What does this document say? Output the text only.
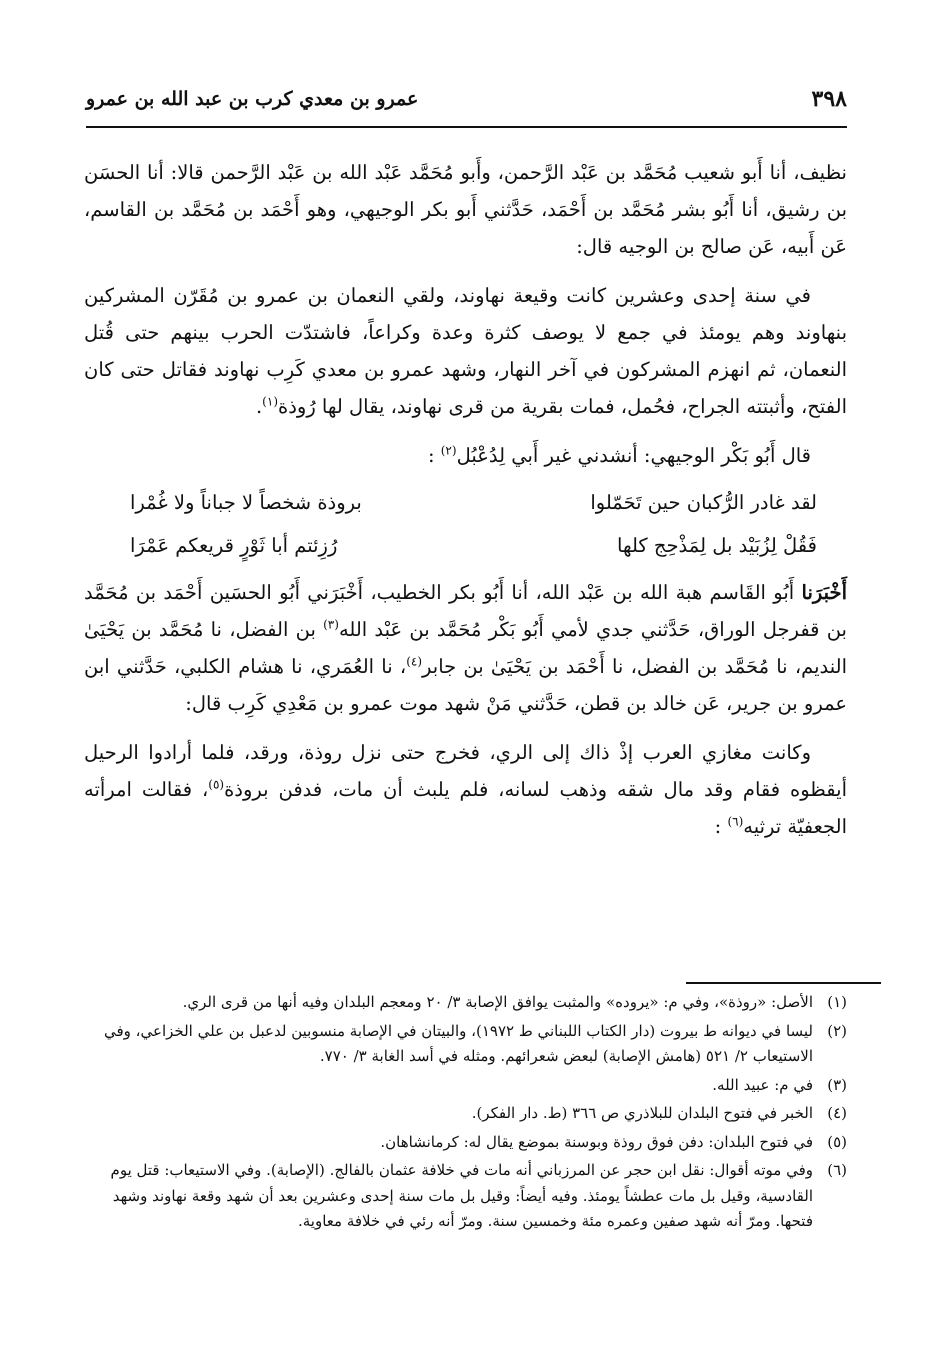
٣٩٨
عمرو بن معدي كرب بن عبد الله بن عمرو

نظيف، أنا أَبو شعيب مُحَمَّد بن عَبْد الرَّحمن، وأَبو مُحَمَّد عَبْد الله بن عَبْد الرَّحمن قالا: أنا الحسَن بن رشيق، أنا أَبُو بشر مُحَمَّد بن أَحْمَد، حَدَّثني أَبو بكر الوجيهي، وهو أَحْمَد بن مُحَمَّد بن القاسم، عَن أَبيه، عَن صالح بن الوجيه قال:

في سنة إحدى وعشرين كانت وقيعة نهاوند، ولقي النعمان بن عمرو بن مُقَرّن المشركين بنهاوند وهم يومئذ في جمع لا يوصف كثرة وعدة وكراعاً، فاشتدّت الحرب بينهم حتى قُتل النعمان، ثم انهزم المشركون في آخر النهار، وشهد عمرو بن معدي كَرِب نهاوند فقاتل حتى كان الفتح، وأثبتته الجراح، فحُمل، فمات بقرية من قرى نهاوند، يقال لها رُوذة$^{(١)}$.

قال أَبُو بَكْر الوجيهي: أنشدني غير أَبي لِدُعْبُل$^{(٢)}$ :

لقد غادر الرُّكبان حين تَحَمّلوا
بروذة شخصاً لا جباناً ولا غُمْرا
فَقُلْ لِزُبَيْد بل لِمَذْحِج كلها
رُزِئتم أبا ثَوْرٍ قريعكم عَمْرَا

أَخْبَرَنا أَبُو القَاسم هبة الله بن عَبْد الله، أنا أَبُو بكر الخطيب، أَخْبَرَني أَبُو الحسَين أَحْمَد بن مُحَمَّد بن قفرجل الوراق، حَدَّثني جدي لأمي أَبُو بَكْر مُحَمَّد بن عَبْد الله$^{(٣)}$ بن الفضل، نا مُحَمَّد بن يَحْيَىٰ النديم، نا مُحَمَّد بن الفضل، نا أَحْمَد بن يَحْيَىٰ بن جابر$^{(٤)}$، نا العُمَري، نا هشام الكلبي، حَدَّثني ابن عمرو بن جرير، عَن خالد بن قطن، حَدَّثني مَنْ شهد موت عمرو بن مَعْدِي كَرِب قال:

وكانت مغازي العرب إذْ ذاك إلى الري، فخرج حتى نزل روذة، ورقد، فلما أرادوا الرحيل أيقظوه فقام وقد مال شقه وذهب لسانه، فلم يلبث أن مات، فدفن بروذة$^{(٥)}$، فقالت امرأته الجعفيّة ترثيه$^{(٦)}$ :

(١)
الأصل: «روذة»، وفي م: «يروده» والمثبت يوافق الإصابة ٣/ ٢٠ ومعجم البلدان وفيه أنها من قرى الري.
(٢)
ليسا في ديوانه ط بيروت (دار الكتاب اللبناني ط ١٩٧٢)، والبيتان في الإصابة منسوبين لدعبل بن علي الخزاعي، وفي الاستيعاب ٢/ ٥٢١ (هامش الإصابة) لبعض شعرائهم. ومثله في أسد الغابة ٣/ ٧٧٠.
(٣)
في م: عبيد الله.
(٤)
الخبر في فتوح البلدان للبلاذري ص ٣٦٦ (ط. دار الفكر).
(٥)
في فتوح البلدان: دفن فوق روذة وبوسنة بموضع يقال له: كرمانشاهان.
(٦)
وفي موته أقوال: نقل ابن حجر عن المرزباني أنه مات في خلافة عثمان بالفالج. (الإصابة). وفي الاستيعاب: قتل يوم القادسية، وقيل بل مات عطشاً يومئذ. وفيه أيضاً: وقيل بل مات سنة إحدى وعشرين بعد أن شهد وقعة نهاوند وشهد فتحها. ومرّ أنه شهد صفين وعمره مئة وخمسين سنة. ومرّ أنه رئي في خلافة معاوية.
